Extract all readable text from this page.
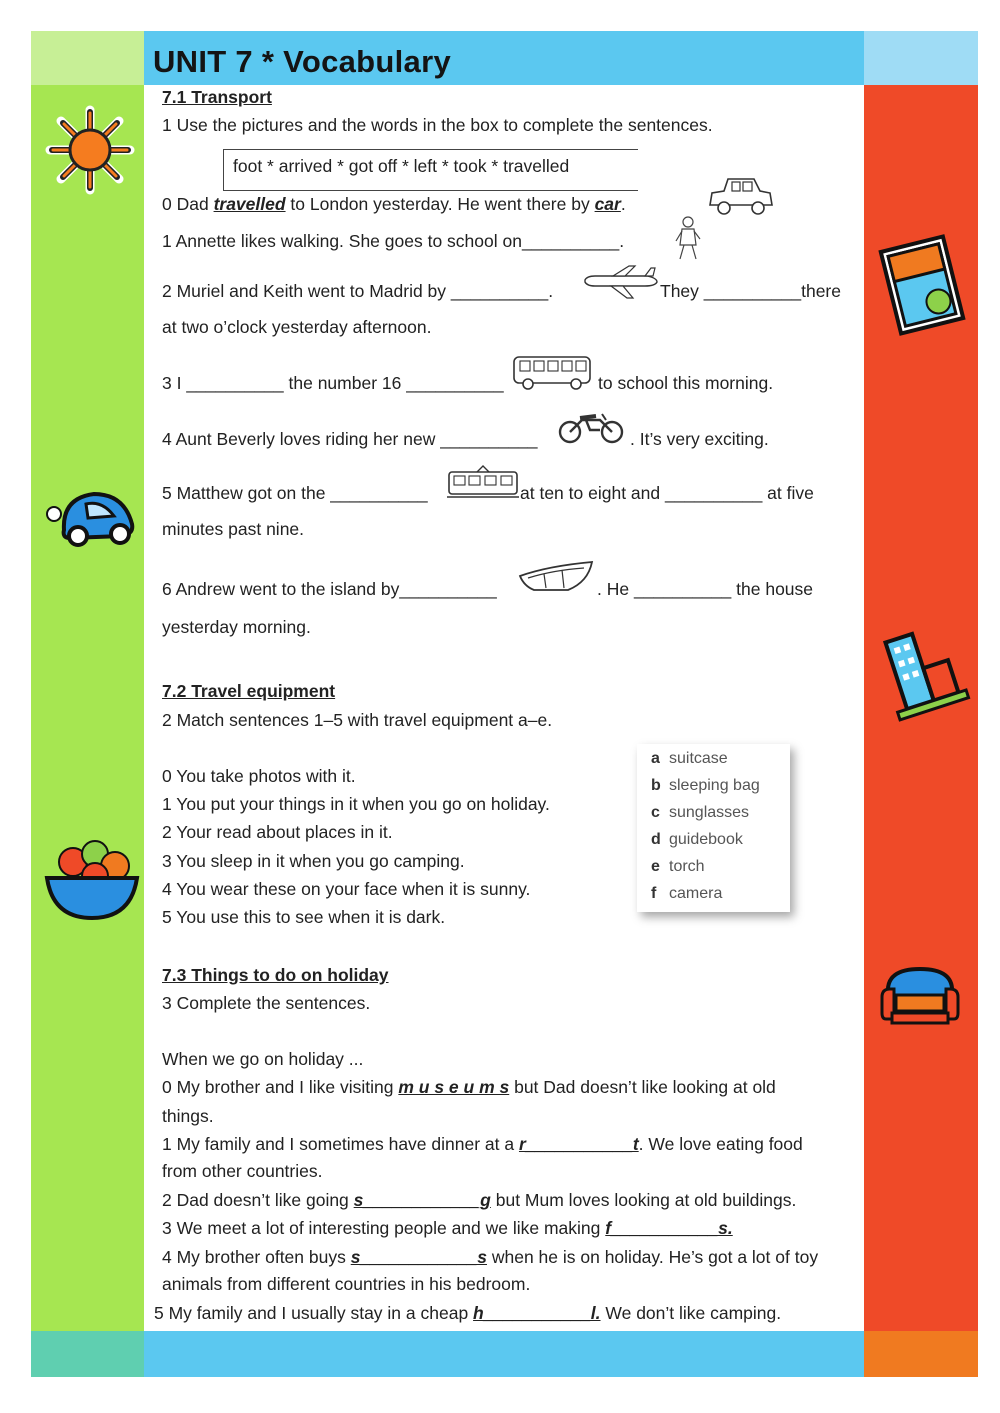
UNIT 7 * Vocabulary
7.1 Transport
1 Use the pictures and the words in the box to complete the sentences.
foot * arrived * got off * left * took * travelled
0 Dad travelled to London yesterday. He went there by car.
1 Annette likes walking. She goes to school on__________.
2 Muriel and Keith went to Madrid by __________.	They __________there
at two o’clock yesterday afternoon.
3 I __________ the number 16 __________	to school this morning.
4 Aunt Beverly loves riding her new __________	. It’s very exciting.
5 Matthew got on the __________	at ten to eight and __________ at five
minutes past nine.
6 Andrew went to the island by__________	. He __________ the house
yesterday morning.
7.2 Travel equipment
2 Match sentences 1–5 with travel equipment a–e.
0 You take photos with it.
1 You put your things in it when you go on holiday.
2 Your read about places in it.
3 You sleep in it when you go camping.
4 You wear these on your face when it is sunny.
5 You use this to see when it is dark.
a suitcase
b sleeping bag
c sunglasses
d guidebook
e torch
f camera
7.3 Things to do on holiday
3 Complete the sentences.
When we go on holiday ...
0 My brother and I like visiting m u s e u m s but Dad doesn’t like looking at old
things.
1 My family and I sometimes have dinner at a r___________t. We love eating food
from other countries.
2 Dad doesn’t like going s____________g but Mum loves looking at old buildings.
3 We meet a lot of interesting people and we like making f___________s.
4 My brother often buys s____________s when he is on holiday. He’s got a lot of toy
animals from different countries in his bedroom.
5 My family and I usually stay in a cheap h___________l. We don’t like camping.
